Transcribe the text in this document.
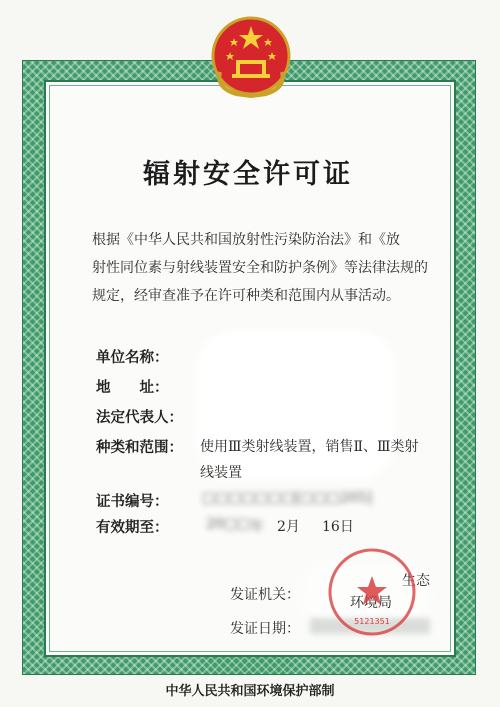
辐射安全许可证
根据《中华人民共和国放射性污染防治法》和《放
射性同位素与射线装置安全和防护条例》等法律法规的
规定，经审查准予在许可种类和范围内从事活动。
单位名称：
地　　址：
法定代表人：
种类和范围： 使用Ⅲ类射线装置，销售Ⅱ、Ⅲ类射
线装置
证书编号：	□□□□□□□[□□□205]
有效期至：	20□□ 年 2月 16日
发证机关：
生态
环境局
发证日期：	5121351
中华人民共和国环境保护部制
